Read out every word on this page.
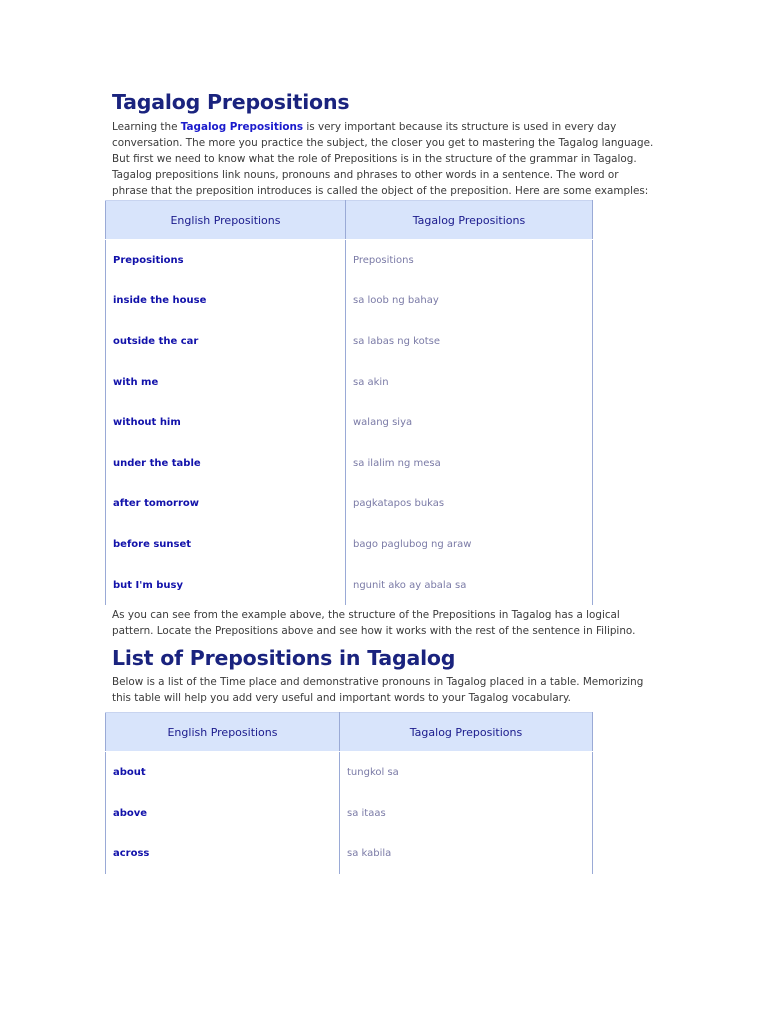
Tagalog Prepositions

Learning the Tagalog Prepositions is very important because its structure is used in every day conversation. The more you practice the subject, the closer you get to mastering the Tagalog language. But first we need to know what the role of Prepositions is in the structure of the grammar in Tagalog.

Tagalog prepositions link nouns, pronouns and phrases to other words in a sentence. The word or phrase that the preposition introduces is called the object of the preposition. Here are some examples:

English Prepositions	Tagalog Prepositions
Prepositions	Prepositions
inside the house	sa loob ng bahay
outside the car	sa labas ng kotse
with me	sa akin
without him	walang siya
under the table	sa ilalim ng mesa
after tomorrow	pagkatapos bukas
before sunset	bago paglubog ng araw
but I'm busy	ngunit ako ay abala sa

As you can see from the example above, the structure of the Prepositions in Tagalog has a logical pattern. Locate the Prepositions above and see how it works with the rest of the sentence in Filipino.

List of Prepositions in Tagalog

Below is a list of the Time place and demonstrative pronouns in Tagalog placed in a table. Memorizing this table will help you add very useful and important words to your Tagalog vocabulary.

English Prepositions	Tagalog Prepositions
about	tungkol sa
above	sa itaas
across	sa kabila
